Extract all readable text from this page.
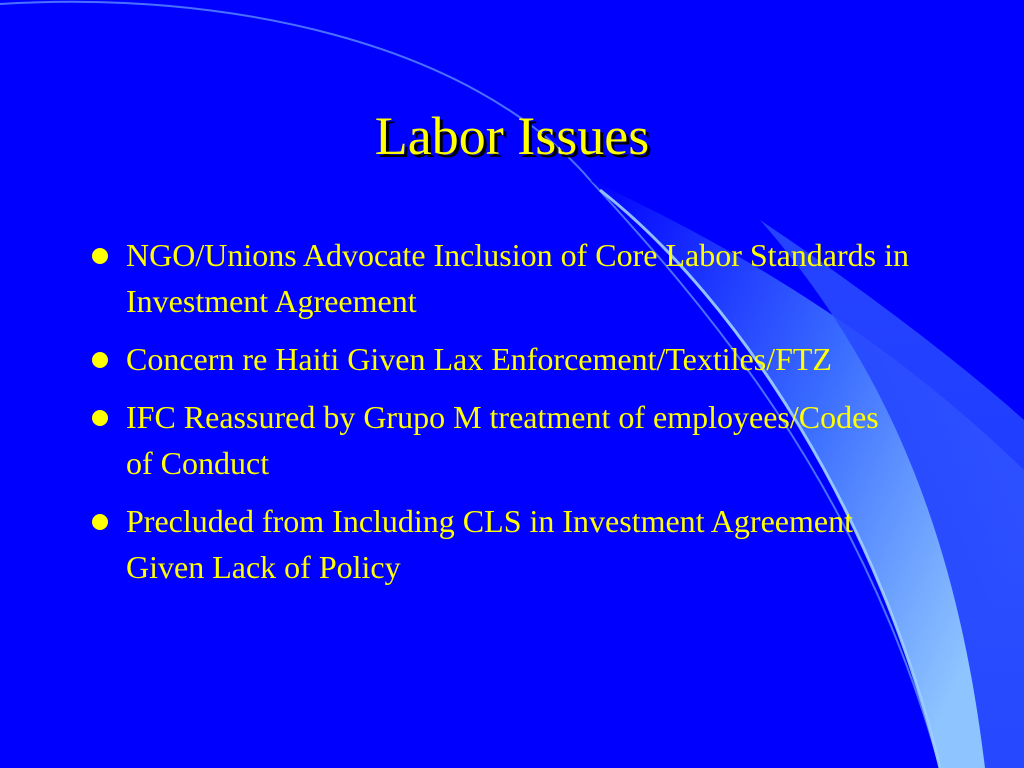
Labor Issues
NGO/Unions Advocate Inclusion of Core Labor Standards in Investment Agreement
Concern re Haiti Given Lax Enforcement/Textiles/FTZ
IFC Reassured by Grupo M treatment of employees/Codes of Conduct
Precluded from Including CLS in Investment Agreement Given Lack of Policy
